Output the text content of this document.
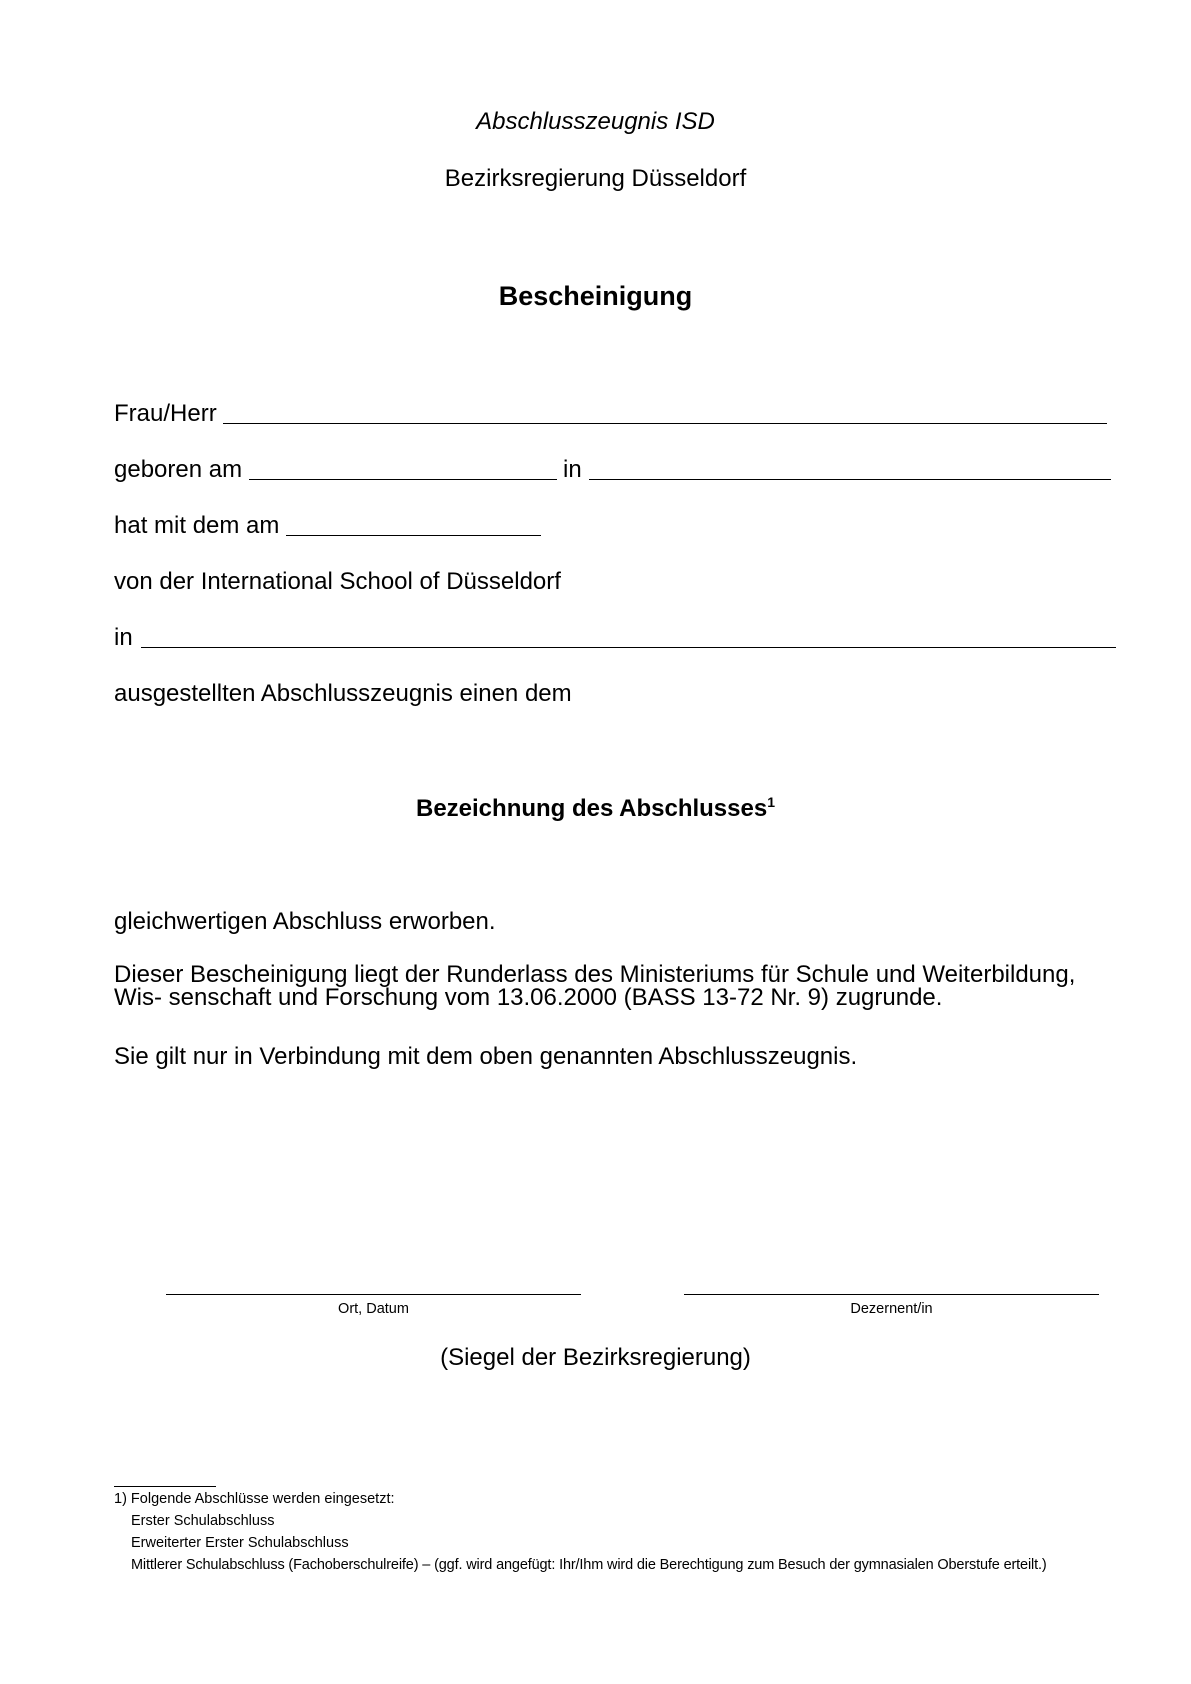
Abschlusszeugnis ISD
Bezirksregierung Düsseldorf
Bescheinigung
Frau/Herr
geboren am	in
hat mit dem am
von der International School of Düsseldorf
in
ausgestellten Abschlusszeugnis einen dem
Bezeichnung des Abschlusses$^1$
gleichwertigen Abschluss erworben.
Dieser Bescheinigung liegt der Runderlass des Ministeriums für Schule und Weiterbildung,
Wis- senschaft und Forschung vom 13.06.2000 (BASS 13-72 Nr. 9) zugrunde.
Sie gilt nur in Verbindung mit dem oben genannten Abschlusszeugnis.
Ort, Datum	Dezernent/in
(Siegel der Bezirksregierung)
1) Folgende Abschlüsse werden eingesetzt:
Erster Schulabschluss
Erweiterter Erster Schulabschluss
Mittlerer Schulabschluss (Fachoberschulreife) – (ggf. wird angefügt: Ihr/Ihm wird die Berechtigung zum Besuch der gymnasialen Oberstufe erteilt.)
